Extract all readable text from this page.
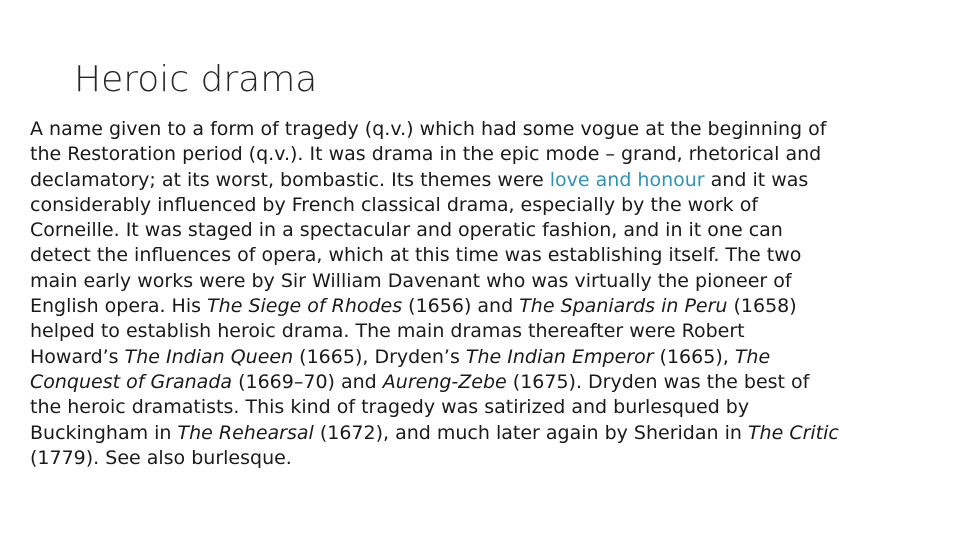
Heroic drama
A name given to a form of tragedy (q.v.) which had some vogue at the beginning of
the Restoration period (q.v.). It was drama in the epic mode – grand, rhetorical and
declamatory; at its worst, bombastic. Its themes were love and honour and it was
considerably influenced by French classical drama, especially by the work of
Corneille. It was staged in a spectacular and operatic fashion, and in it one can
detect the influences of opera, which at this time was establishing itself. The two
main early works were by Sir William Davenant who was virtually the pioneer of
English opera. His The Siege of Rhodes (1656) and The Spaniards in Peru (1658)
helped to establish heroic drama. The main dramas thereafter were Robert
Howard’s The Indian Queen (1665), Dryden’s The Indian Emperor (1665), The
Conquest of Granada (1669–70) and Aureng-Zebe (1675). Dryden was the best of
the heroic dramatists. This kind of tragedy was satirized and burlesqued by
Buckingham in The Rehearsal (1672), and much later again by Sheridan in The Critic
(1779). See also burlesque.
